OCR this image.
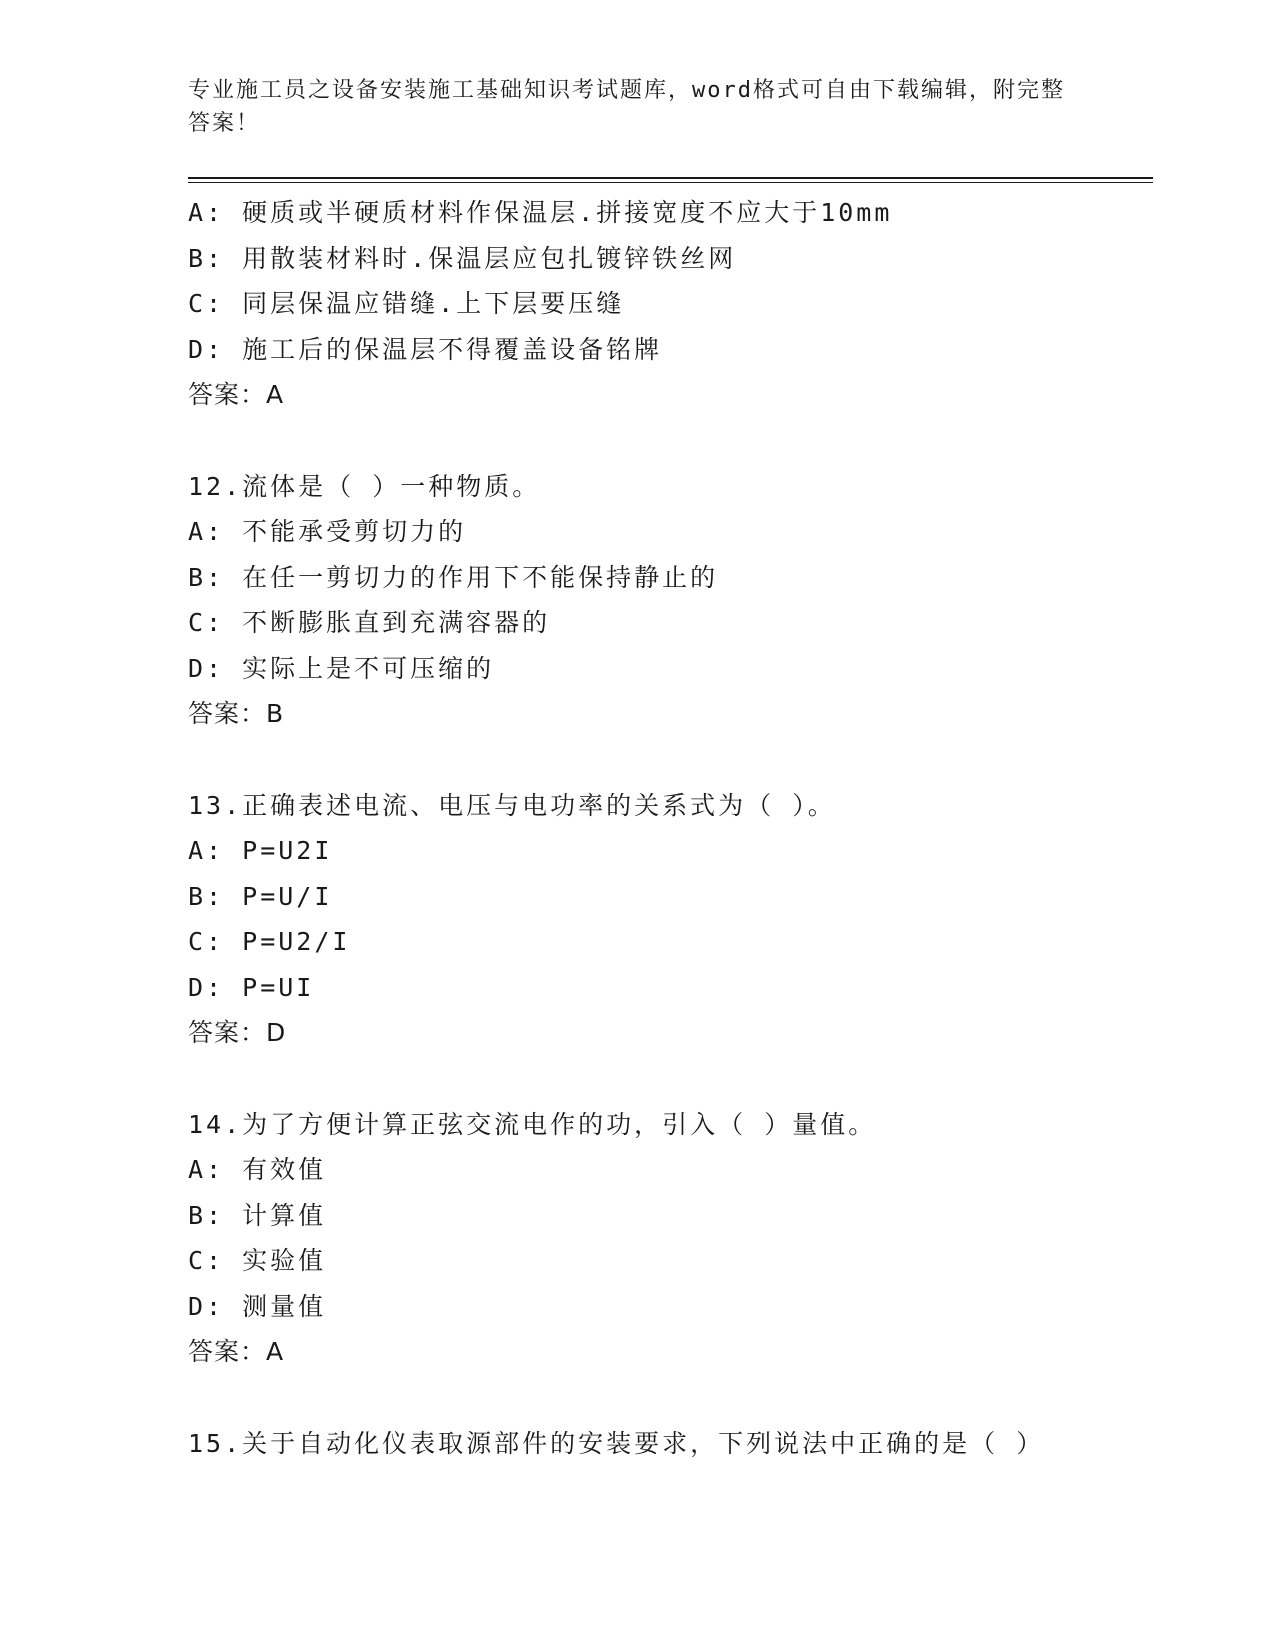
专业施工员之设备安装施工基础知识考试题库，word格式可自由下载编辑，附完整答案！
A: 硬质或半硬质材料作保温层.拼接宽度不应大于10mm
B: 用散装材料时.保温层应包扎镀锌铁丝网
C: 同层保温应错缝.上下层要压缝
D: 施工后的保温层不得覆盖设备铭牌
答案：A
12.流体是（ ）一种物质。
A: 不能承受剪切力的
B: 在任一剪切力的作用下不能保持静止的
C: 不断膨胀直到充满容器的
D: 实际上是不可压缩的
答案：B
13.正确表述电流、电压与电功率的关系式为（ ）。
A: P=U2I
B: P=U/I
C: P=U2/I
D: P=UI
答案：D
14.为了方便计算正弦交流电作的功，引入（ ）量值。
A: 有效值
B: 计算值
C: 实验值
D: 测量值
答案：A
15.关于自动化仪表取源部件的安装要求，下列说法中正确的是（ ）
